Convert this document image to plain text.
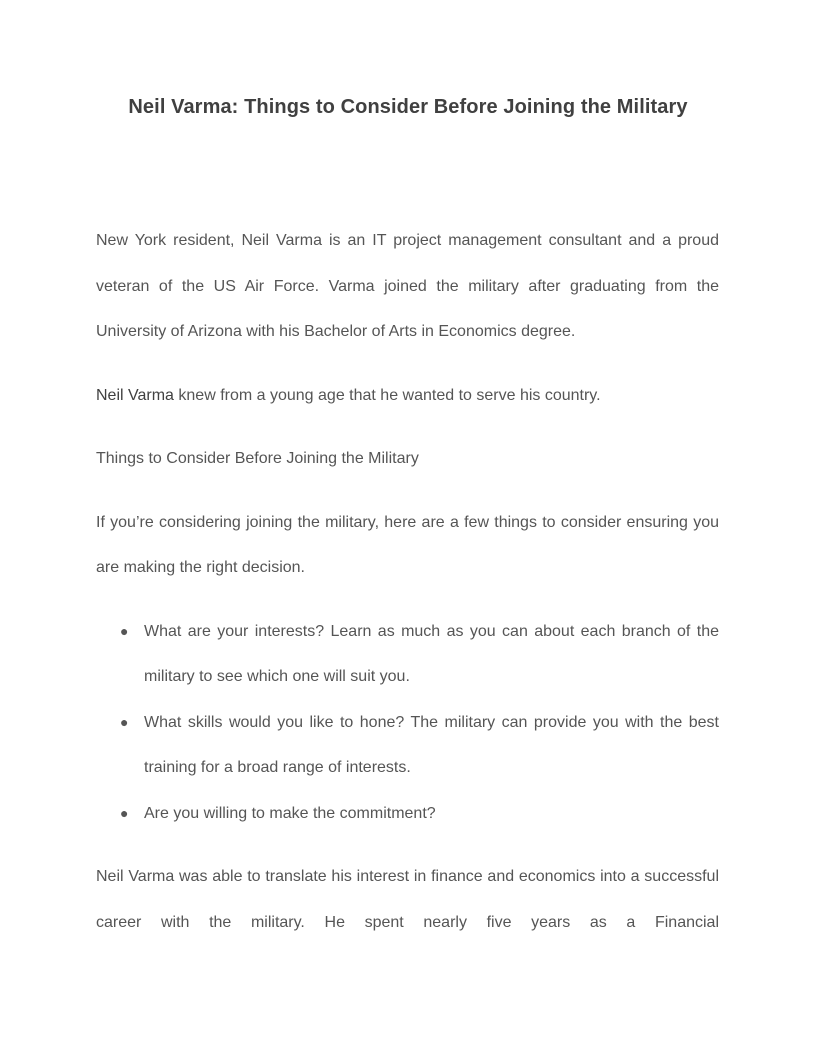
Neil Varma: Things to Consider Before Joining the Military

New York resident, Neil Varma is an IT project management consultant and a proud veteran of the US Air Force. Varma joined the military after graduating from the University of Arizona with his Bachelor of Arts in Economics degree.

Neil Varma knew from a young age that he wanted to serve his country.

Things to Consider Before Joining the Military

If you’re considering joining the military, here are a few things to consider ensuring you are making the right decision.

● What are your interests? Learn as much as you can about each branch of the military to see which one will suit you.
● What skills would you like to hone? The military can provide you with the best training for a broad range of interests.
● Are you willing to make the commitment?

Neil Varma was able to translate his interest in finance and economics into a successful career with the military. He spent nearly five years as a Financial
